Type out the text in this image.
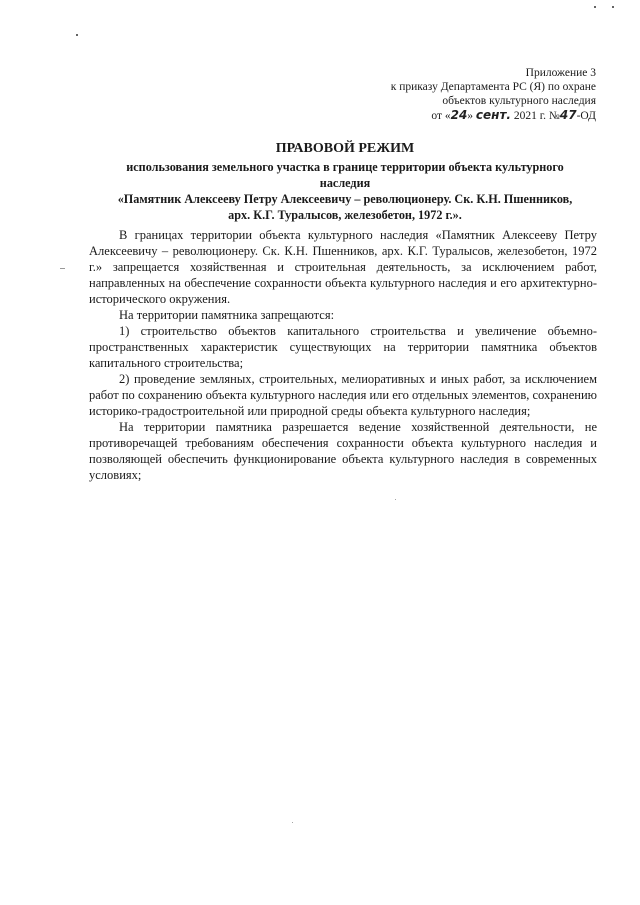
Приложение 3
к приказу Департамента РС (Я) по охране
объектов культурного наследия
от «24» сент. 2021 г. №47-ОД
ПРАВОВОЙ РЕЖИМ
использования земельного участка в границе территории объекта культурного
наследия
«Памятник Алексееву Петру Алексеевичу – революционеру. Ск. К.Н. Пшенников,
арх. К.Г. Туралысов, железобетон, 1972 г.».

В границах территории объекта культурного наследия «Памятник Алексееву Петру Алексеевичу – революционеру. Ск. К.Н. Пшенников, арх. К.Г. Туралысов, железобетон, 1972 г.» запрещается хозяйственная и строительная деятельность, за исключением работ, направленных на обеспечение сохранности объекта культурного наследия и его архитектурно-исторического окружения.

На территории памятника запрещаются:

1) строительство объектов капитального строительства и увеличение объемно-пространственных характеристик существующих на территории памятника объектов капитального строительства;

2) проведение земляных, строительных, мелиоративных и иных работ, за исключением работ по сохранению объекта культурного наследия или его отдельных элементов, сохранению историко-градостроительной или природной среды объекта культурного наследия;

На территории памятника разрешается ведение хозяйственной деятельности, не противоречащей требованиям обеспечения сохранности объекта культурного наследия и позволяющей обеспечить функционирование объекта культурного наследия в современных условиях;
